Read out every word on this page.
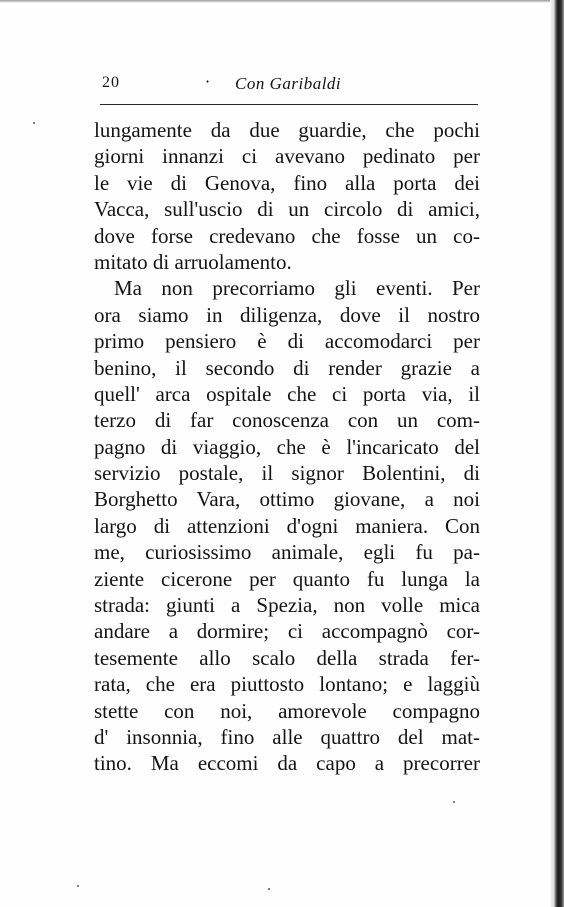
20	· Con Garibaldi
lungamente da due guardie, che pochi
giorni innanzi ci avevano pedinato per
le vie di Genova, fino alla porta dei
Vacca, sull'uscio di un circolo di amici,
dove forse credevano che fosse un co-
mitato di arruolamento.
Ma non precorriamo gli eventi. Per
ora siamo in diligenza, dove il nostro
primo pensiero è di accomodarci per
benino, il secondo di render grazie a
quell' arca ospitale che ci porta via, il
terzo di far conoscenza con un com-
pagno di viaggio, che è l'incaricato del
servizio postale, il signor Bolentini, di
Borghetto Vara, ottimo giovane, a noi
largo di attenzioni d'ogni maniera. Con
me, curiosissimo animale, egli fu pa-
ziente cicerone per quanto fu lunga la
strada: giunti a Spezia, non volle mica
andare a dormire; ci accompagnò cor-
tesemente allo scalo della strada fer-
rata, che era piuttosto lontano; e laggiù
stette con noi, amorevole compagno
d' insonnia, fino alle quattro del mat-
tino. Ma eccomi da capo a precorrer
